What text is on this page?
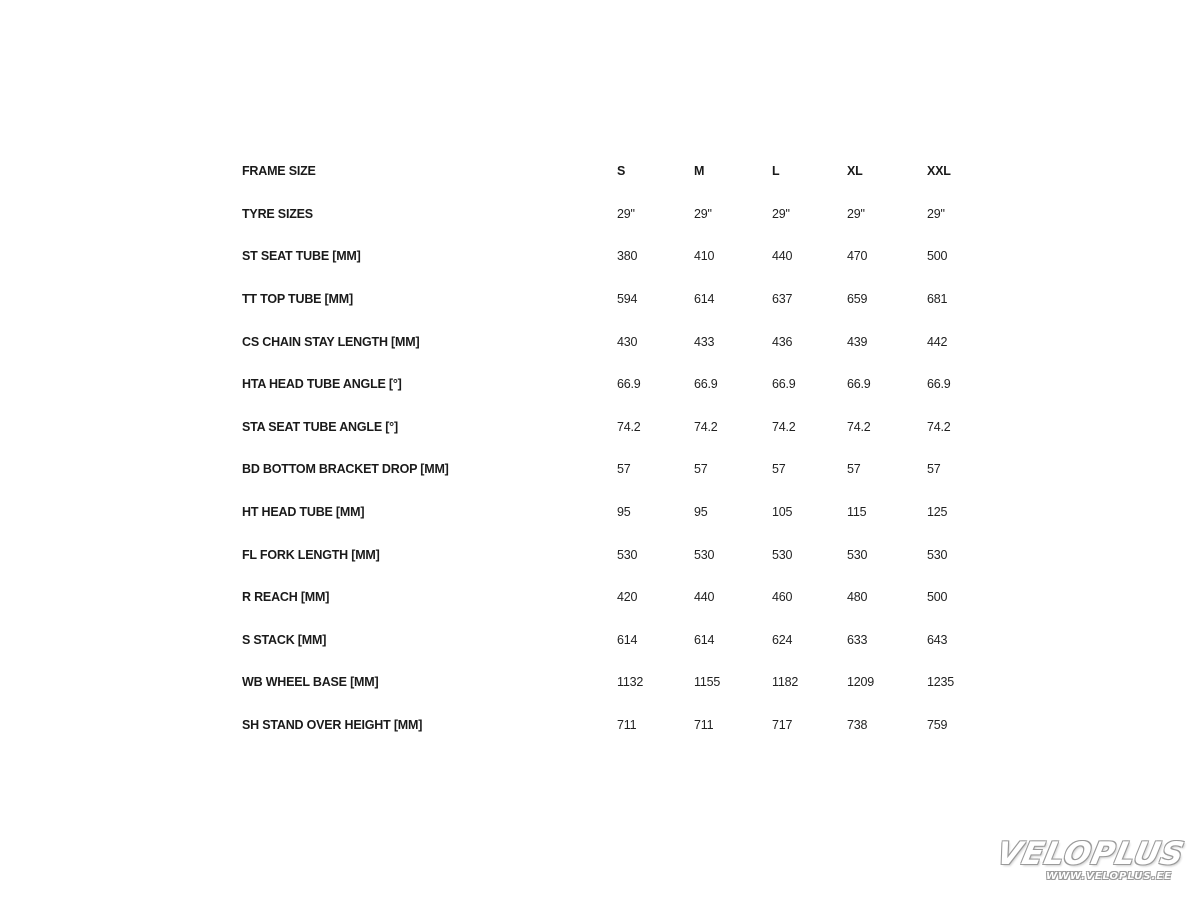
FRAME SIZE	S	M	L	XL	XXL
TYRE SIZES	29"	29"	29"	29"	29"
ST SEAT TUBE [MM]	380	410	440	470	500
TT TOP TUBE [MM]	594	614	637	659	681
CS CHAIN STAY LENGTH [MM]	430	433	436	439	442
HTA HEAD TUBE ANGLE [°]	66.9	66.9	66.9	66.9	66.9
STA SEAT TUBE ANGLE [°]	74.2	74.2	74.2	74.2	74.2
BD BOTTOM BRACKET DROP [MM]	57	57	57	57	57
HT HEAD TUBE [MM]	95	95	105	115	125
FL FORK LENGTH [MM]	530	530	530	530	530
R REACH [MM]	420	440	460	480	500
S STACK [MM]	614	614	624	633	643
WB WHEEL BASE [MM]	1132	1155	1182	1209	1235
SH STAND OVER HEIGHT [MM]	711	711	717	738	759
VELOPLUS
WWW.VELOPLUS.EE
